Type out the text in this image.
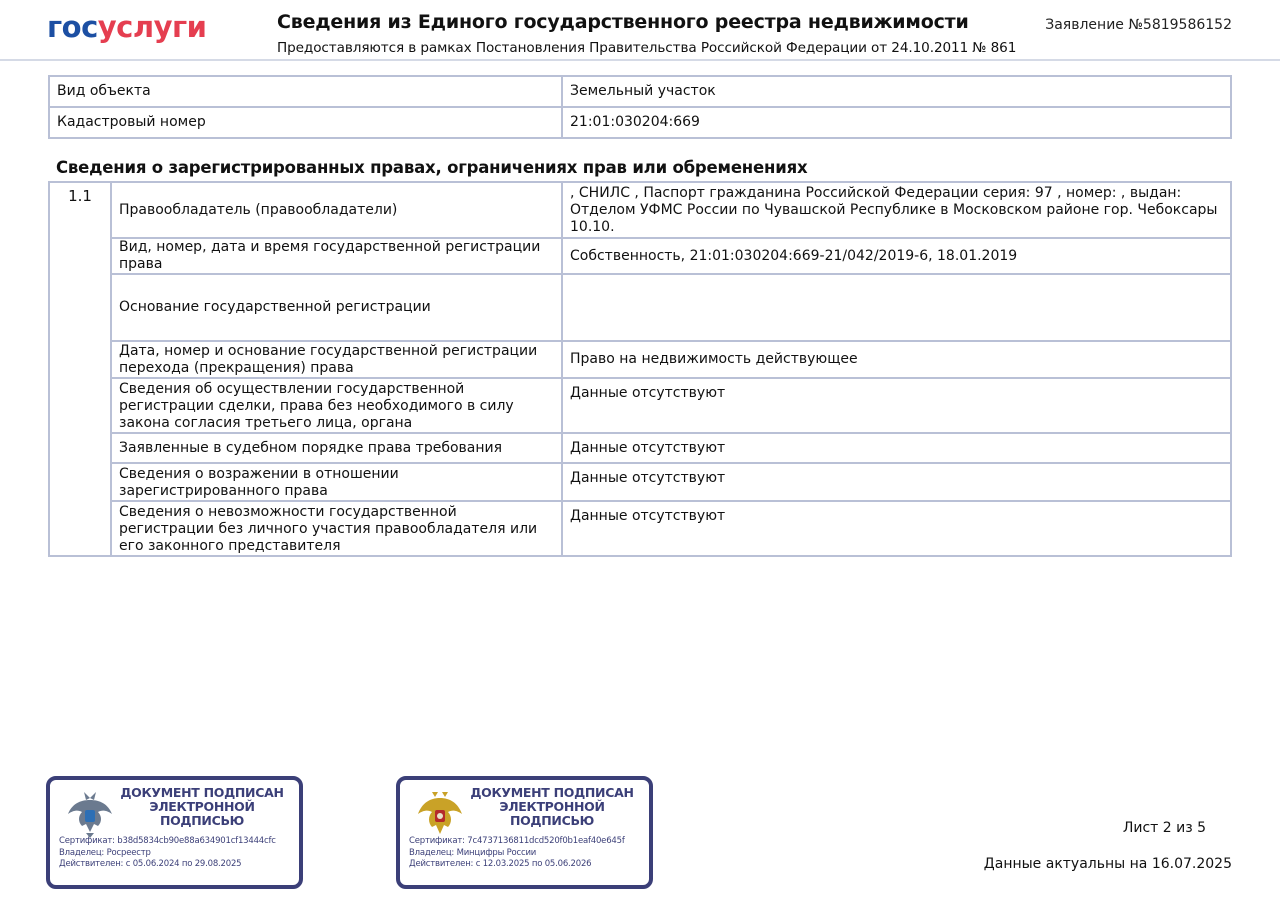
госуслуги	Сведения из Единого государственного реестра недвижимости
Предоставляются в рамках Постановления Правительства Российской Федерации от 24.10.2011 № 861
Заявление №5819586152
Вид объекта	Земельный участок
Кадастровый номер	21:01:030204:669
Сведения о зарегистрированных правах, ограничениях прав или обременениях
1.1	Правообладатель (правообладатели)	, СНИЛС , Паспорт гражданина Российской Федерации серия: 97 , номер: , выдан: Отделом УФМС России по Чувашской Республике в Московском районе гор. Чебоксары 10.10.
	Вид, номер, дата и время государственной регистрации права	Собственность, 21:01:030204:669-21/042/2019-6, 18.01.2019
	Основание государственной регистрации	
	Дата, номер и основание государственной регистрации перехода (прекращения) права	Право на недвижимость действующее
	Сведения об осуществлении государственной регистрации сделки, права без необходимого в силу закона согласия третьего лица, органа	Данные отсутствуют
	Заявленные в судебном порядке права требования	Данные отсутствуют
	Сведения о возражении в отношении зарегистрированного права	Данные отсутствуют
	Сведения о невозможности государственной регистрации без личного участия правообладателя или его законного представителя	Данные отсутствуют
ДОКУМЕНТ ПОДПИСАН ЭЛЕКТРОННОЙ ПОДПИСЬЮ
Сертификат: b38d5834cb90e88a634901cf13444cfc
Владелец: Росреестр
Действителен: с 05.06.2024 по 29.08.2025
ДОКУМЕНТ ПОДПИСАН ЭЛЕКТРОННОЙ ПОДПИСЬЮ
Сертификат: 7c4737136811dcd520f0b1eaf40e645f
Владелец: Минцифры России
Действителен: с 12.03.2025 по 05.06.2026
Лист 2 из 5
Данные актуальны на 16.07.2025
